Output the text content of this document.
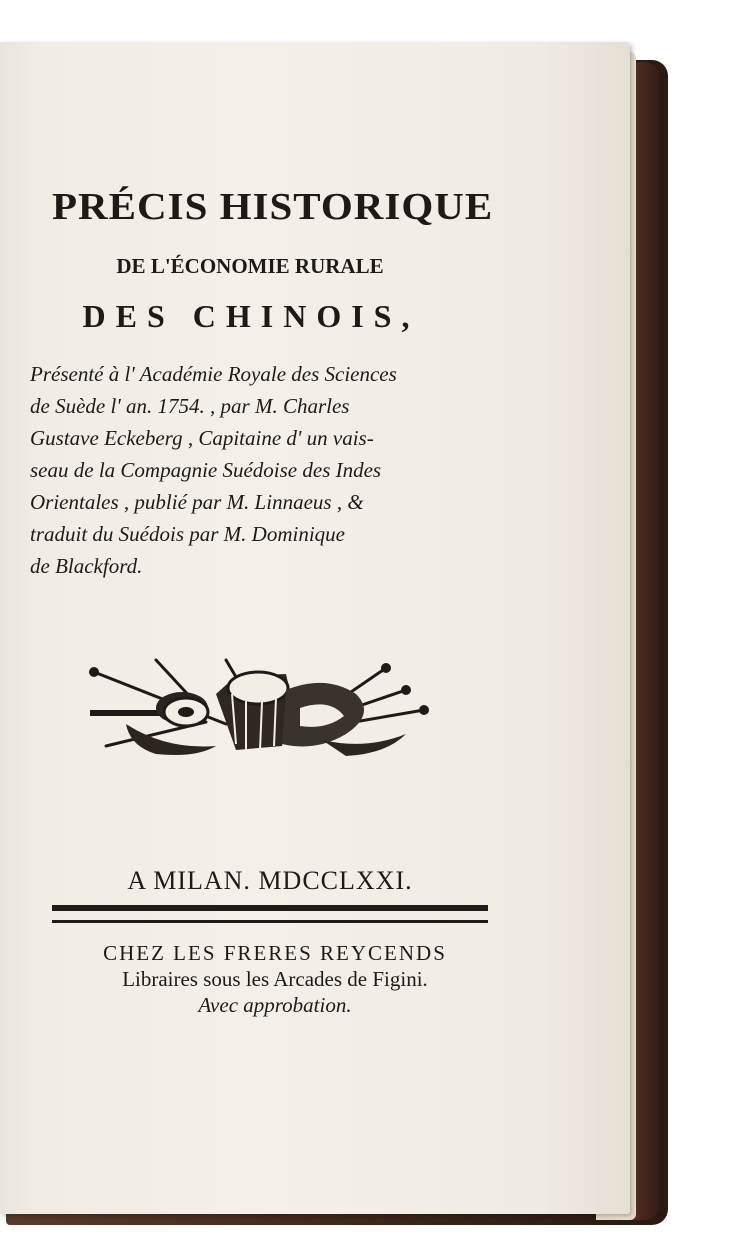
PRÉCIS HISTORIQUE
DE L'ÉCONOMIE RURALE
DES CHINOIS,
Présenté à l' Académie Royale des Sciences
de Suède l' an. 1754. , par M. Charles
Gustave Eckeberg , Capitaine d' un vais-
seau de la Compagnie Suédoise des Indes
Orientales , publié par M. Linnaeus , &
traduit du Suédois par M. Dominique
de Blackford.
A MILAN. MDCCLXXI.
CHEZ LES FRERES REYCENDS
Libraires sous les Arcades de Figini.
Avec approbation.
